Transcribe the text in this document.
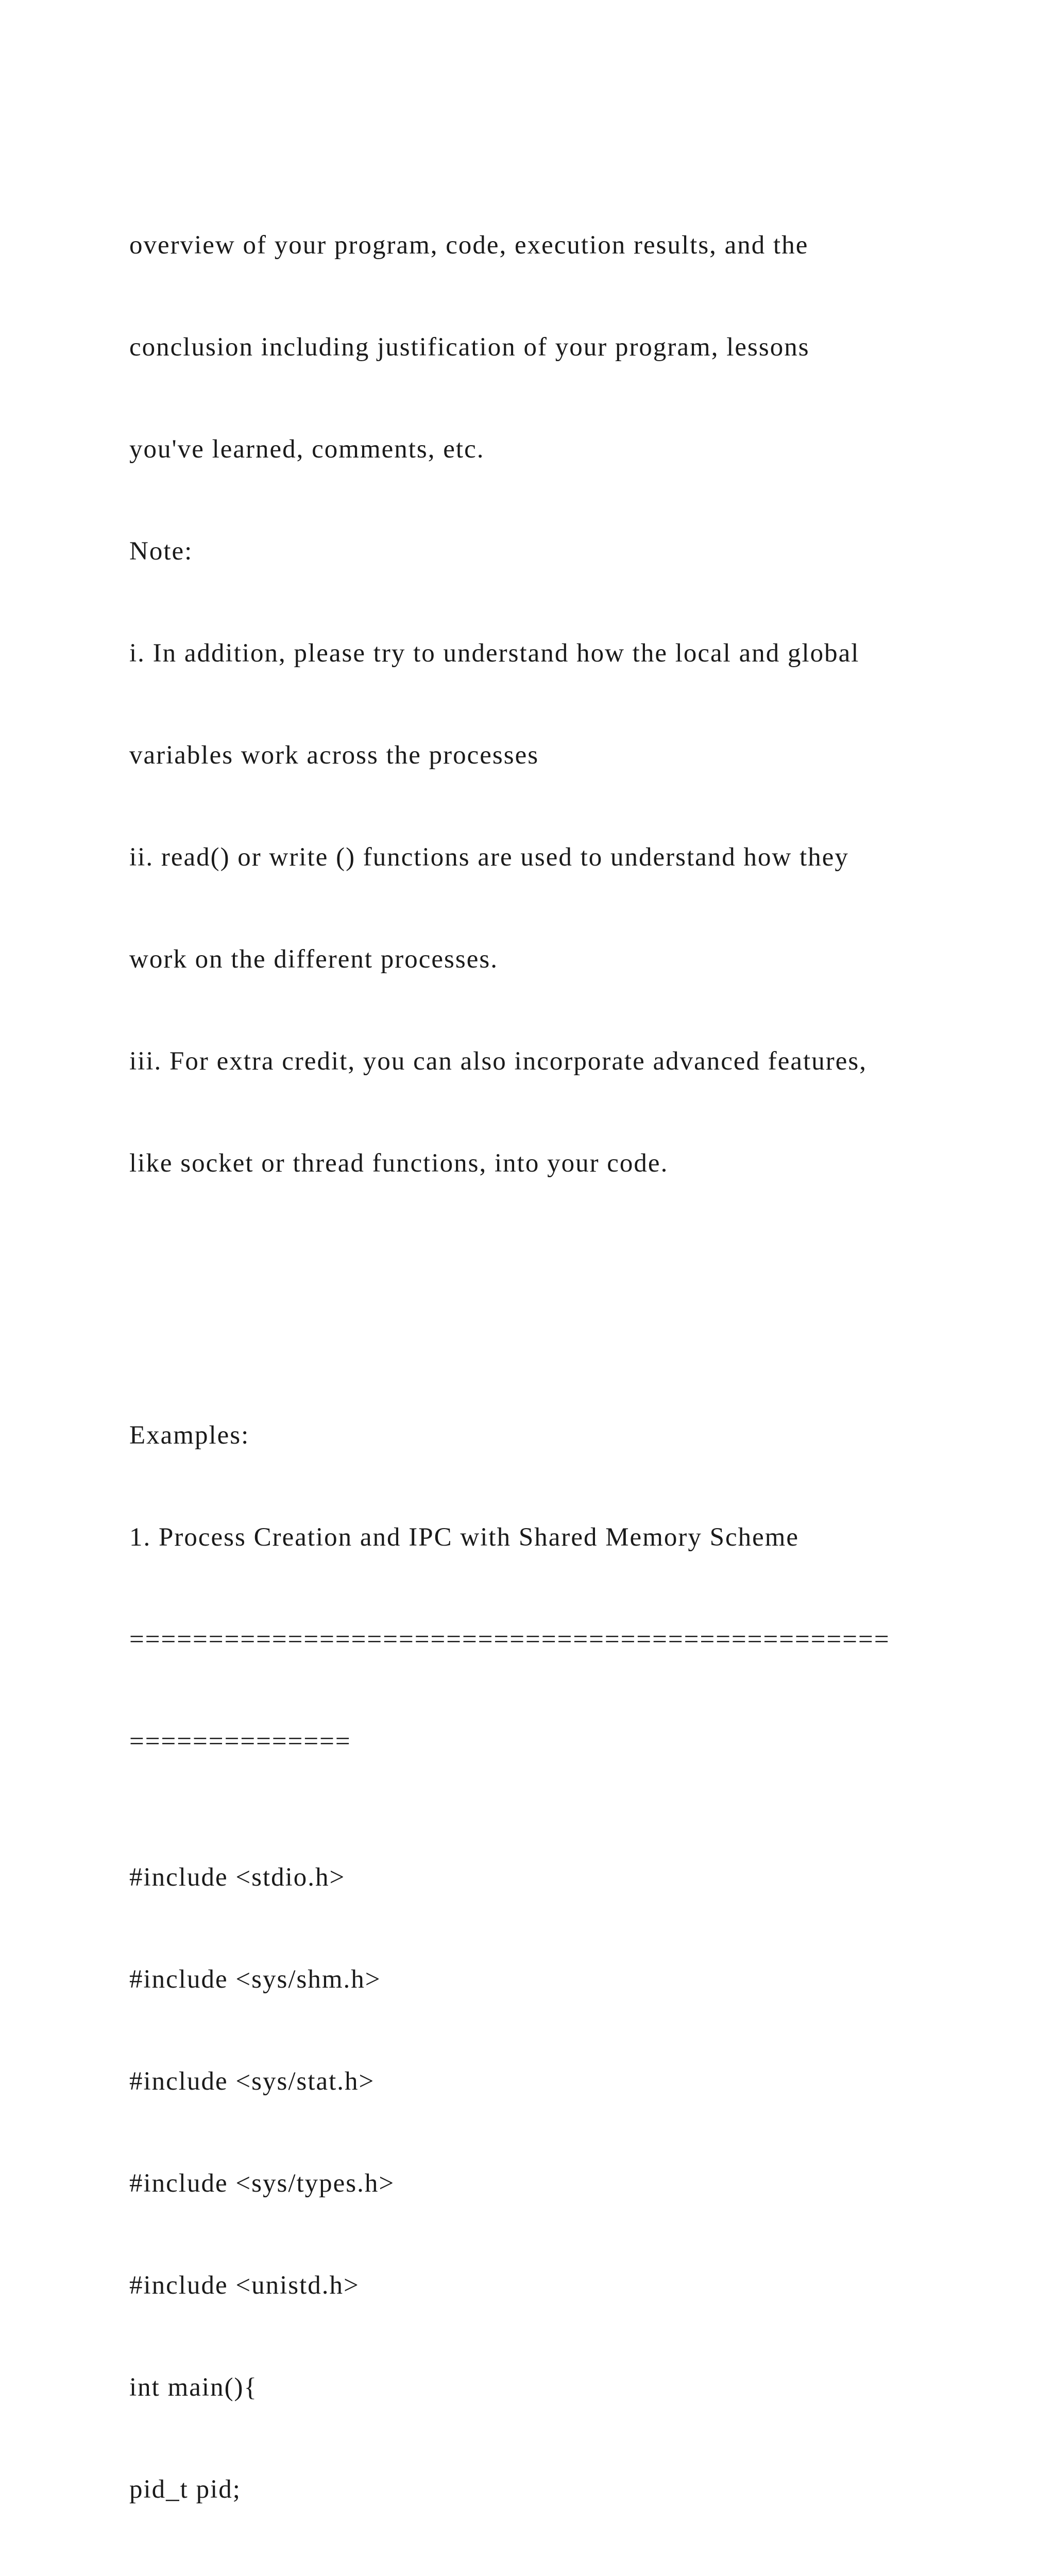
overview of your program, code, execution results, and the

conclusion including justification of your program, lessons

you've learned, comments, etc.

Note:

i. In addition, please try to understand how the local and global

variables work across the processes

ii. read() or write () functions are used to understand how they

work on the different processes.

iii. For extra credit, you can also incorporate advanced features,

like socket or thread functions, into your code.

Examples:

1. Process Creation and IPC with Shared Memory Scheme

================================================

==============

#include <stdio.h>

#include <sys/shm.h>

#include <sys/stat.h>

#include <sys/types.h>

#include <unistd.h>

int main(){

pid_t pid;
